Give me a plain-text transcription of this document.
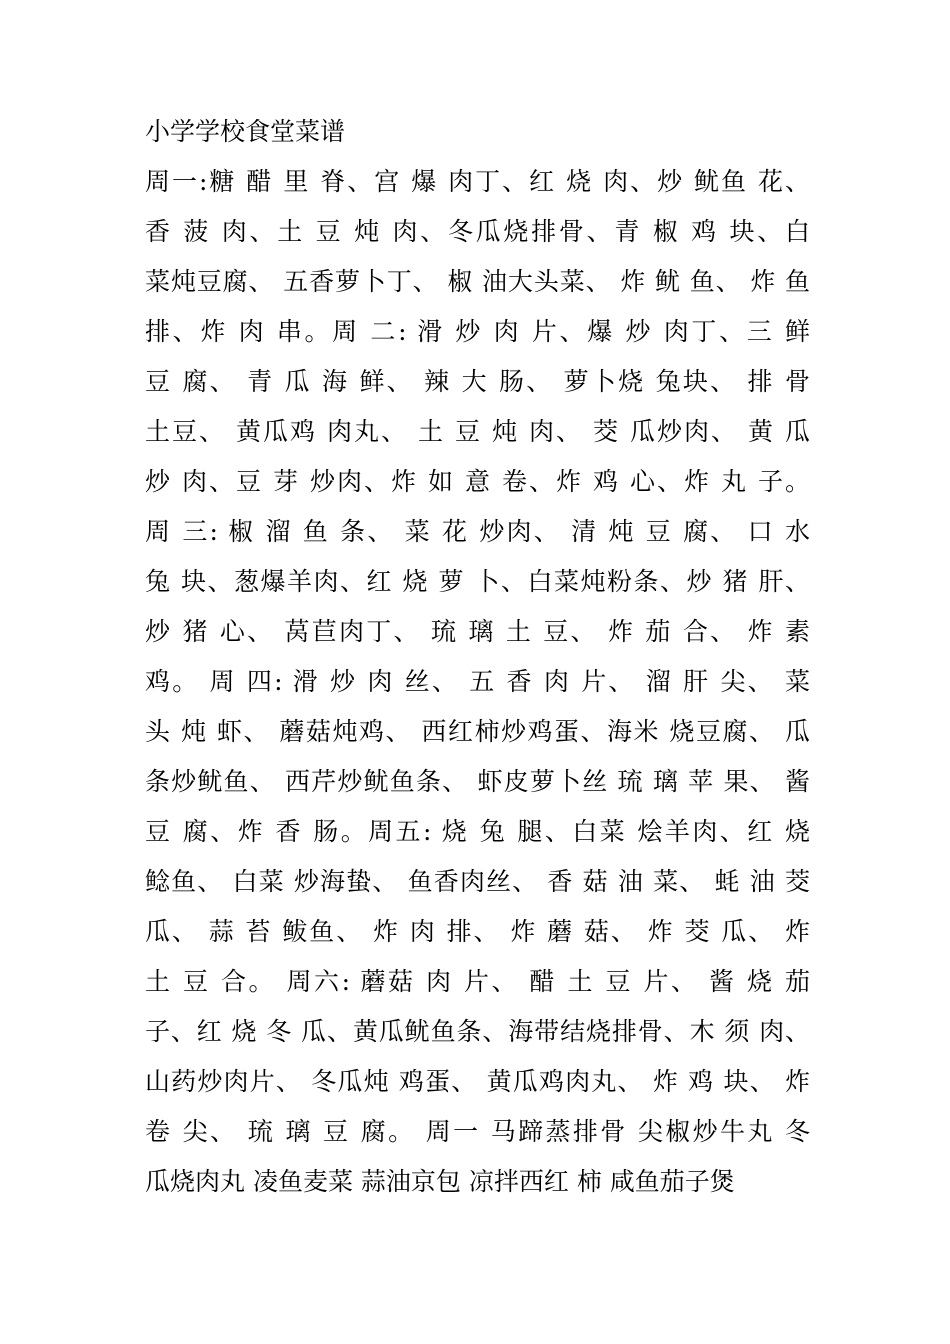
小学学校食堂菜谱
周一:糖 醋 里 脊、宫 爆 肉丁、红 烧 肉、炒 鱿鱼 花、
香 菠 肉、土 豆 炖 肉、冬瓜烧排骨、青 椒 鸡 块、白
菜炖豆腐、 五香萝卜丁、 椒 油大头菜、 炸 鱿 鱼、 炸 鱼
排、炸 肉 串。周 二: 滑 炒 肉 片、爆 炒 肉丁、三 鲜
豆 腐、 青 瓜 海 鲜、 辣 大 肠、 萝卜烧 兔块、 排 骨
土豆、 黄瓜鸡 肉丸、 土 豆 炖 肉、 茭 瓜炒肉、 黄 瓜
炒 肉、豆 芽 炒肉、炸 如 意 卷、炸 鸡 心、炸 丸 子。
周 三: 椒 溜 鱼 条、 菜 花 炒肉、 清 炖 豆 腐、 口 水
兔 块、葱爆羊肉、红 烧 萝 卜、白菜炖粉条、炒 猪 肝、
炒 猪 心、 莴苣肉丁、 琉 璃 土 豆、 炸 茄 合、 炸 素
鸡。 周 四: 滑 炒 肉 丝、 五 香 肉 片、 溜 肝 尖、 菜
头 炖 虾、 蘑菇炖鸡、 西红柿炒鸡蛋、海米 烧豆腐、 瓜
条炒鱿鱼、 西芹炒鱿鱼条、 虾皮萝卜丝 琉 璃 苹 果、 酱
豆 腐、炸 香 肠。周五: 烧 兔 腿、白菜 烩羊肉、红 烧
鲶鱼、 白菜 炒海蛰、 鱼香肉丝、 香 菇 油 菜、 蚝 油 茭
瓜、 蒜 苔 鲅鱼、 炸 肉 排、 炸 蘑 菇、 炸 茭 瓜、 炸
土 豆 合。 周六: 蘑菇 肉 片、 醋 土 豆 片、 酱 烧 茄
子、红 烧 冬 瓜、黄瓜鱿鱼条、海带结烧排骨、木 须 肉、
山药炒肉片、 冬瓜炖 鸡蛋、 黄瓜鸡肉丸、 炸 鸡 块、 炸
卷 尖、 琉 璃 豆 腐。 周一 马蹄蒸排骨 尖椒炒牛丸 冬
瓜烧肉丸 凌鱼麦菜 蒜油京包 凉拌西红 柿 咸鱼茄子煲
